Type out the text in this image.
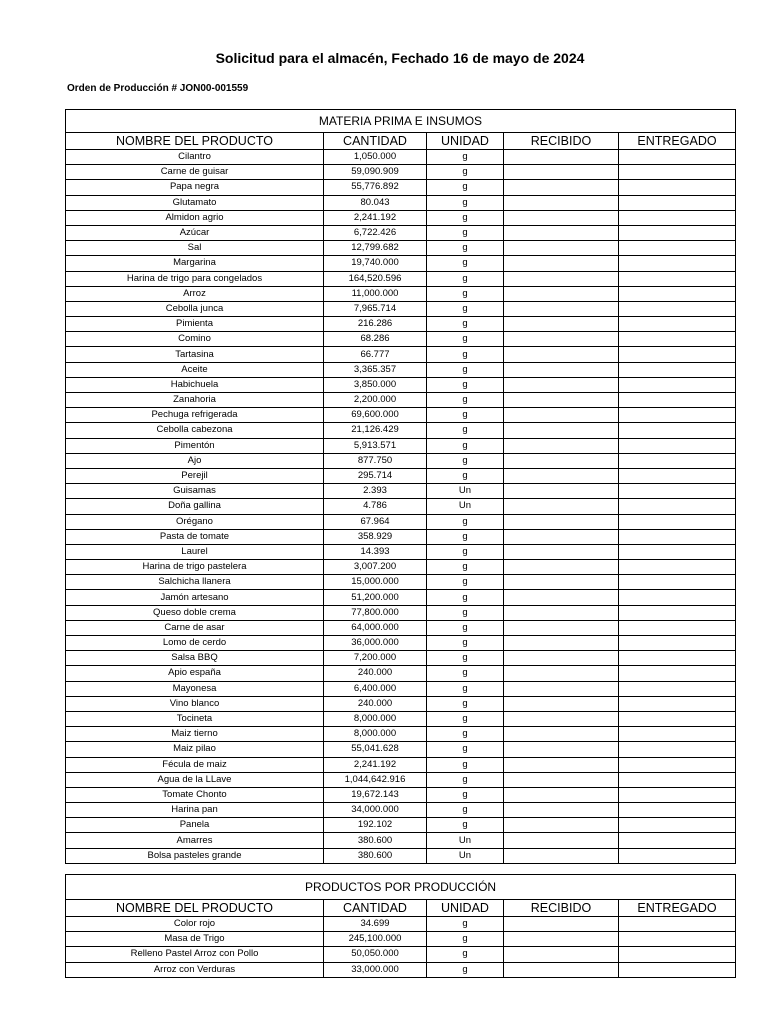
Solicitud para el almacén, Fechado 16 de mayo de 2024
Orden de Producción # JON00-001559
MATERIA PRIMA E INSUMOS				
NOMBRE DEL PRODUCTO	CANTIDAD	UNIDAD	RECIBIDO	ENTREGADO
Cilantro	1,050.000	g		
Carne de guisar	59,090.909	g		
Papa negra	55,776.892	g		
Glutamato	80.043	g		
Almidon agrio	2,241.192	g		
Azúcar	6,722.426	g		
Sal	12,799.682	g		
Margarina	19,740.000	g		
Harina de trigo para congelados	164,520.596	g		
Arroz	11,000.000	g		
Cebolla junca	7,965.714	g		
Pimienta	216.286	g		
Comino	68.286	g		
Tartasina	66.777	g		
Aceite	3,365.357	g		
Habichuela	3,850.000	g		
Zanahoria	2,200.000	g		
Pechuga refrigerada	69,600.000	g		
Cebolla cabezona	21,126.429	g		
Pimentón	5,913.571	g		
Ajo	877.750	g		
Perejil	295.714	g		
Guisamas	2.393	Un		
Doña gallina	4.786	Un		
Orégano	67.964	g		
Pasta de tomate	358.929	g		
Laurel	14.393	g		
Harina de trigo pastelera	3,007.200	g		
Salchicha llanera	15,000.000	g		
Jamón artesano	51,200.000	g		
Queso doble crema	77,800.000	g		
Carne de asar	64,000.000	g		
Lomo de cerdo	36,000.000	g		
Salsa BBQ	7,200.000	g		
Apio españa	240.000	g		
Mayonesa	6,400.000	g		
Vino blanco	240.000	g		
Tocineta	8,000.000	g		
Maiz tierno	8,000.000	g		
Maiz pilao	55,041.628	g		
Fécula de maiz	2,241.192	g		
Agua de la LLave	1,044,642.916	g		
Tomate Chonto	19,672.143	g		
Harina pan	34,000.000	g		
Panela	192.102	g		
Amarres	380.600	Un		
Bolsa pasteles grande	380.600	Un		
PRODUCTOS POR PRODUCCIÓN				
NOMBRE DEL PRODUCTO	CANTIDAD	UNIDAD	RECIBIDO	ENTREGADO
Color rojo	34.699	g		
Masa de Trigo	245,100.000	g		
Relleno Pastel Arroz con Pollo	50,050.000	g		
Arroz con Verduras	33,000.000	g		
